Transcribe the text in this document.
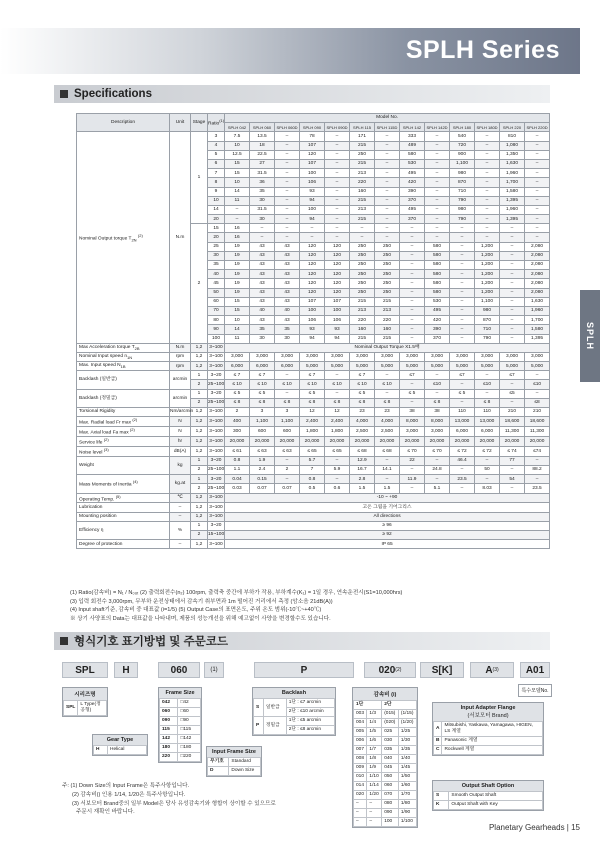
SPLH Series
SPLH
Specifications
Description	Unit	Stage	Ratio$^{(1)}$	Model No.												
				SPLH 042	SPLH 060	SPLH 060D	SPLH 090	SPLH 090D	SPLH 115	SPLH 115D	SPLH 142	SPLH 142D	SPLH 180	SPLH 180D	SPLH 220	SPLH 220D
Nominal Output torque $T_{2N}$ $^{(2)}$	N.m	1	3	7.5	13.5	–	78	–	171	–	333	–	540	–	810	–
			4	10	18	–	107	–	215	–	489	–	720	–	1,080	–
			5	12.5	22.5	–	120	–	250	–	580	–	900	–	1,350	–
			6	15	27	–	107	–	215	–	530	–	1,100	–	1,630	–
			7	15	31.5	–	100	–	213	–	495	–	980	–	1,960	–
			8	10	36	–	106	–	220	–	420	–	870	–	1,700	–
			9	14	35	–	93	–	160	–	390	–	710	–	1,580	–
			10	11	30	–	94	–	215	–	370	–	790	–	1,395	–
			14	–	31.5	–	100	–	213	–	495	–	980	–	1,960	–
			20	–	30	–	94	–	215	–	370	–	790	–	1,395	–
		2	15	16	–	–	–	–	–	–	–	–	–	–	–	–
			20	16	–	–	–	–	–	–	–	–	–	–	–	–
			25	19	43	43	120	120	250	250	–	580	–	1,200	–	2,080
			30	19	43	43	120	120	250	250	–	580	–	1,200	–	2,080
			35	19	43	43	120	120	250	250	–	580	–	1,200	–	2,080
			40	19	43	43	120	120	250	250	–	580	–	1,200	–	2,080
			45	19	43	43	120	120	250	250	–	580	–	1,200	–	2,080
			50	19	43	43	120	120	250	250	–	580	–	1,200	–	2,080
			60	15	43	43	107	107	215	215	–	530	–	1,100	–	1,630
			70	15	40	40	100	100	213	213	–	495	–	980	–	1,960
			80	10	43	43	106	106	220	220	–	420	–	870	–	1,700
			90	14	35	35	93	93	160	160	–	390	–	710	–	1,580
			100	11	30	30	94	94	215	215	–	370	–	790	–	1,395
Max Acceleration torque $T_{2B}$	N.m	1,2	3~100	Nominal Output Torque X1.5배												
Nominal Input speed $n_{1N}$	rpm	1,2	3~100	3,000	3,000	3,000	3,000	3,000	3,000	3,000	3,000	3,000	3,000	3,000	3,000	3,000
Max. Input speed $N_{1B}$	rpm	1,2	3~100	6,000	6,000	6,000	5,000	5,000	5,000	5,000	5,000	5,000	5,000	5,000	5,000	5,000
Backlash (일반급)	arcmin	1	3~20	≤ 7	≤ 7	–	≤ 7	–	≤ 7	–	≤7	–	≤7	–	≤7	–
		2	25~100	≤ 10	≤ 10	≤ 10	≤ 10	≤ 10	≤ 10	≤ 10	–	≤10	–	≤10	–	≤10
Backlash (정밀급)	arcmin	1	3~20	≤ 5	≤ 5	–	≤ 5	–	≤ 5	–	≤ 5	–	≤ 5	–	≤5	–
		2	25~100	≤ 8	≤ 8	≤ 8	≤ 8	≤ 8	≤ 8	≤ 8	–	≤ 8	–	≤ 8	–	≤8
Torsional Rigidity	Nm/arcmin	1,2	3~100	2	3	3	12	12	23	23	38	38	110	110	210	210
Max. Radial load Fr max $^{(2)}$	N	1,2	3~100	400	1,100	1,100	2,400	2,400	4,000	4,000	8,000	8,000	13,000	13,000	18,600	18,600
Max. Axial load Fa max $^{(2)}$	N	1,2	3~100	300	600	600	1,800	1,800	2,500	2,500	3,000	3,000	6,000	6,000	11,300	11,300
Service life $^{(2)}$	hr	1,2	3~100	20,000	20,000	20,000	20,000	20,000	20,000	20,000	20,000	20,000	20,000	20,000	20,000	20,000
Noise level $^{(3)}$	dB(A)	1,2	3~100	≤ 61	≤ 63	≤ 63	≤ 65	≤ 65	≤ 68	≤ 68	≤ 70	≤ 70	≤ 72	≤ 72	≤ 74	≤74
Weight	kg	1	3~20	0.8	1.9	–	5.7	–	12.9	–	22	–	46.4	–	77	–
		2	25~100	1.1	2.4	2	7	5.9	16.7	14.1	–	24.8	–	50	–	88.2
Mass Moments of Inertia $^{(4)}$	kg.at	1	3~20	0.04	0.15	–	0.8	–	2.8	–	11.9	–	23.5	–	54	–
		2	25~100	0.03	0.07	0.07	0.5	0.6	1.5	1.5	–	5.1	–	8.03	–	23.5
Operating Temp. $^{(5)}$	℃	1,2	3~100	-10 ~ +90												
Lubrication	–	1,2	3~100	고온 그립을 기어그리스												
Mounting position	–	1,2	3~100	All directions												
Efficiency η	%	1	3~20	≥ 96												
		2	15~100	≥ 92												
Degree of protection	–	1,2	3~100	IP 65												
(1) Ratio(감속비) = N₁ / N₀ᵤₜ (2) 출력회전수(n₂) 100rpm, 출력축 중간에 부하가 작용, 부하계수(K₁) = 1일 경우, 연속운전시(S1=10,000hrs)
(3) 입력 회전수 3,000rpm, 무부하 운전상태에서 감속기 취부면과 1m 떨어진 거리에서 측정 (암소음 21dB(A))
(4) Input shaft기준, 감속비 중 대표값 (i=1/5) (5) Output Case의 표면온도, 주위 온도 범위(-10℃~+40℃)
※ 상기 사양표의 Data는 대표값을 나타내며, 제품의 성능개선을 위해 예고없이 사양을 변경할수도 있습니다.
형식기호 표기방법 및 주문코드
SPL	H	060	(1)	P	020 (2)	S[K]	A (3)	A01
시리즈명
SPL	L Type(정공형)
Gear Type
H	Helical
Frame Size
042	□42
060	□60
090	□90
115	□115
142	□142
180	□180
220	□220
Input Frame Size
무기호	Standard
D	Down Size
Backlash
S	일반급	1단 : ≤7 arcmin
		2단 : ≤10 arcmin
P	정밀급	1단 : ≤5 arcmin
		2단 : ≤8 arcmin
감속비 (i)
1단		2단	
003	1/3	(015)	(1/15)
004	1/4	(020)	(1/20)
005	1/5	025	1/25
006	1/6	030	1/30
007	1/7	035	1/35
008	1/8	040	1/40
009	1/9	045	1/45
010	1/10	050	1/50
014	1/14	060	1/60
020	1/20	070	1/70
–	–	080	1/80
–	–	090	1/90
–	–	100	1/100
특수모델No.
Input Adapter Flange
(서보모터 Brand)
A	Mitsubishi, Yaskawa, Yamagawa, HIGEN, LS 계열
B	Panasonic 계열
C	Rockwell 계열
Output Shaft Option
S	Smooth Output Shaft
K	Output Shaft with Key
주: (1) Down Size의 Input Frame은 특주사항입니다.
(2) 감속비() 인용 1/14, 1/20은 특주사항입니다.
(3) 서보모터 Brand중의 일부 Model은 당사 유성감속기와 형합이 상이할 수 있으므로
주문시 재확인 바랍니다.
Planetary Gearheads | 15
